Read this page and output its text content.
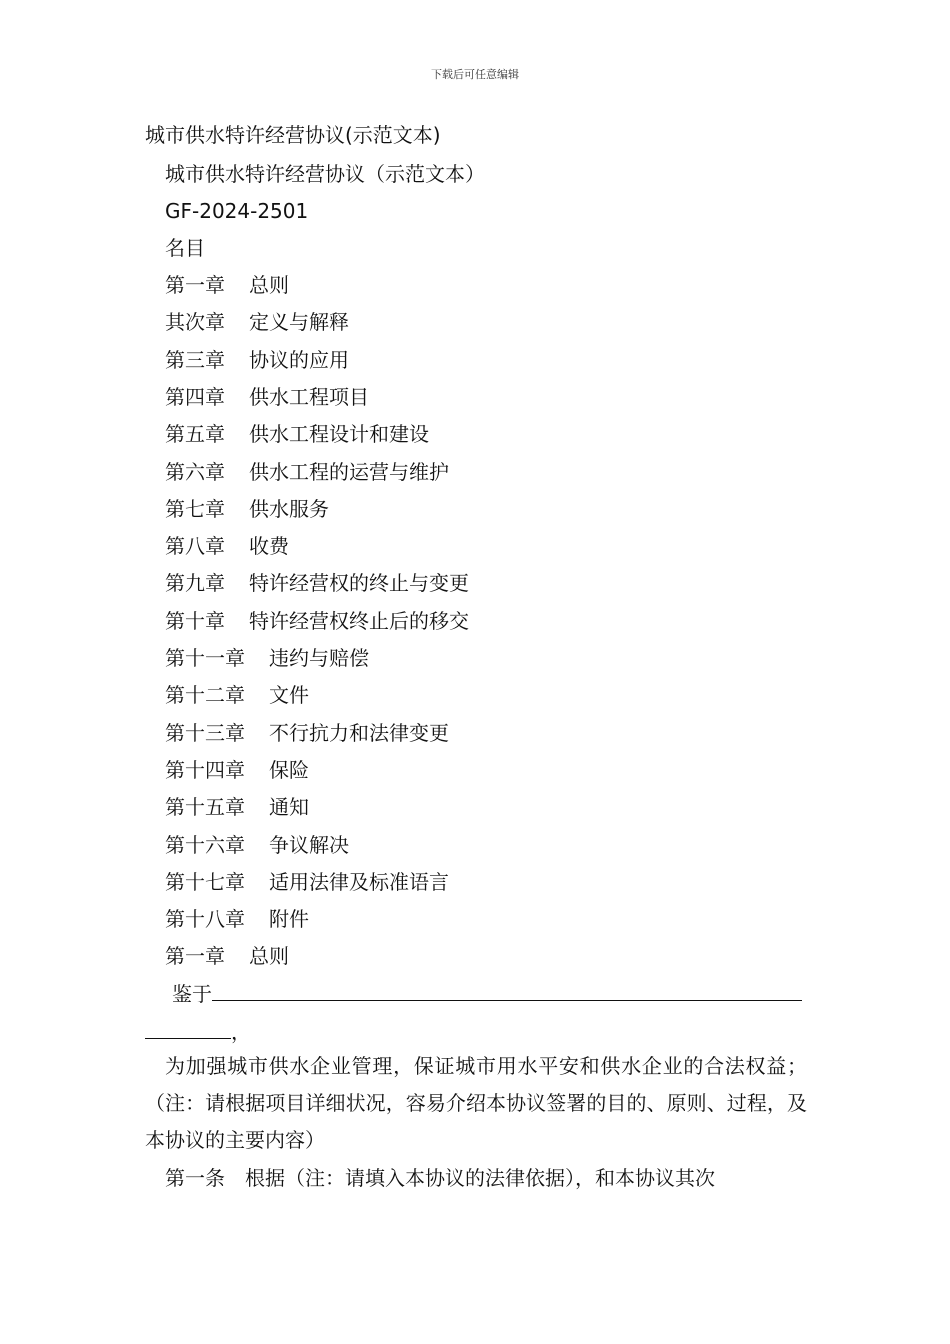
下载后可任意编辑
城市供水特许经营协议(示范文本)
城市供水特许经营协议（示范文本）
GF-2024-2501
名目
第一章 总则
其次章 定义与解释
第三章 协议的应用
第四章 供水工程项目
第五章 供水工程设计和建设
第六章 供水工程的运营与维护
第七章 供水服务
第八章 收费
第九章 特许经营权的终止与变更
第十章 特许经营权终止后的移交
第十一章 违约与赔偿
第十二章 文件
第十三章 不行抗力和法律变更
第十四章 保险
第十五章 通知
第十六章 争议解决
第十七章 适用法律及标准语言
第十八章 附件
第一章 总则
鉴于
，
为加强城市供水企业管理，保证城市用水平安和供水企业的合法权益；（注：请根据项目详细状况，容易介绍本协议签署的目的、原则、过程，及本协议的主要内容）
第一条　根据（注：请填入本协议的法律依据），和本协议其次
